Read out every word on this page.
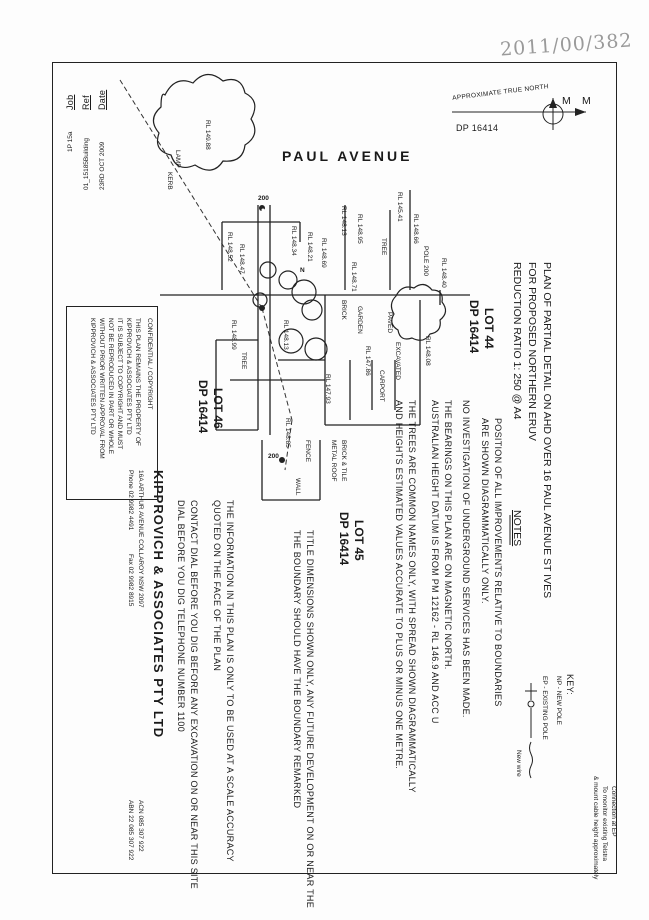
2011/00/382
PAUL AVENUE
APPROXIMATE TRUE NORTH	M
M
DP 16414
PLAN OF PARTIAL DETAIL ON AHD OVER 16 PAUL AVENUE ST IVES
FOR PROPOSED NORTHERN ERUV
REDUCTION RATIO 1: 250 @ A4
NOTES
POSITION OF ALL IMPROVEMENTS RELATIVE TO BOUNDARIES
ARE SHOWN DIAGRAMMATICALLY ONLY.
NO INVESTIGATION OF UNDERGROUND SERVICES HAS BEEN MADE.
THE BEARINGS ON THIS PLAN ARE ON MAGNETIC NORTH.
AUSTRALIAN HEIGHT DATUM IS FROM PM 12162 - RL 146.9 AND ACC U
THE TREES ARE COMMON NAMES ONLY, WITH SPREAD SHOWN DIAGRAMMATICALLY
AND HEIGHTS ESTIMATED VALUES ACCURATE TO PLUS OR MINUS ONE METRE.
TITLE DIMENSIONS SHOWN ONLY, ANY FUTURE DEVELOPMENT ON OR NEAR THE
THE BOUNDARY SHOULD HAVE THE BOUNDARY REMARKED
THE INFORMATION IN THIS PLAN IS ONLY TO BE USED AT A SCALE ACCURACY
QUOTED ON THE FACE OF THE PLAN
CONTACT DIAL BEFORE YOU DIG BEFORE ANY EXCAVATION ON OR NEAR THIS SITE
DIAL BEFORE YOU DIG TELEPHONE NUMBER 1100	KEY:
NP - NEW POLE
EP - EXISTING POLE
New wire
Connection at EP
To monitor existing Telstra
& mount cable height approximately
KIPPROVICH & ASSOCIATES PTY LTD
16A ARTHUR AVENUE COLLAROY NSW 2097
Phone 02 9982 4491
Fax 02 9982 8915
ACN 085 307 922
ABN 22 085 307 922
CONFIDENTIAL / COPYRIGHT
THIS PLAN REMAINS THE PROPERTY OF
KIPPROVICH & ASSOCIATES PTY LTD
IT IS SUBJECT TO COPYRIGHT AND MUST
NOT BE REPRODUCED IN PART OR WHOLE
WITHOUT PRIOR WRITTEN APPROVAL FROM
KIPPROVICH & ASSOCIATES PTY LTD
Job
1P 15a
Ref
01_15185Building
Date
23RD OCT 2009
LOT 44
DP 16414
LOT 45
DP 16414
LOT 46
DP 16414	CARPORT
PAVED
EXCAVATED
200
200
RL 148.85
RL 145.41
RL 148.13
RL 149.88
POLE 200
LAMP
KERB
GARDEN
BRICK
TREE
TREE
FENCE
WALL
BRICK & TILE
METAL ROOF
N
RL 148.52 RL 148.47
RL 148.34 RL 148.21 RL 148.69
RL 148.95
RL 148.71
RL 148.66
RL 148.40
RL 148.99	RL 148.13
RL 148.08
RL 147.86
RL 147.93
